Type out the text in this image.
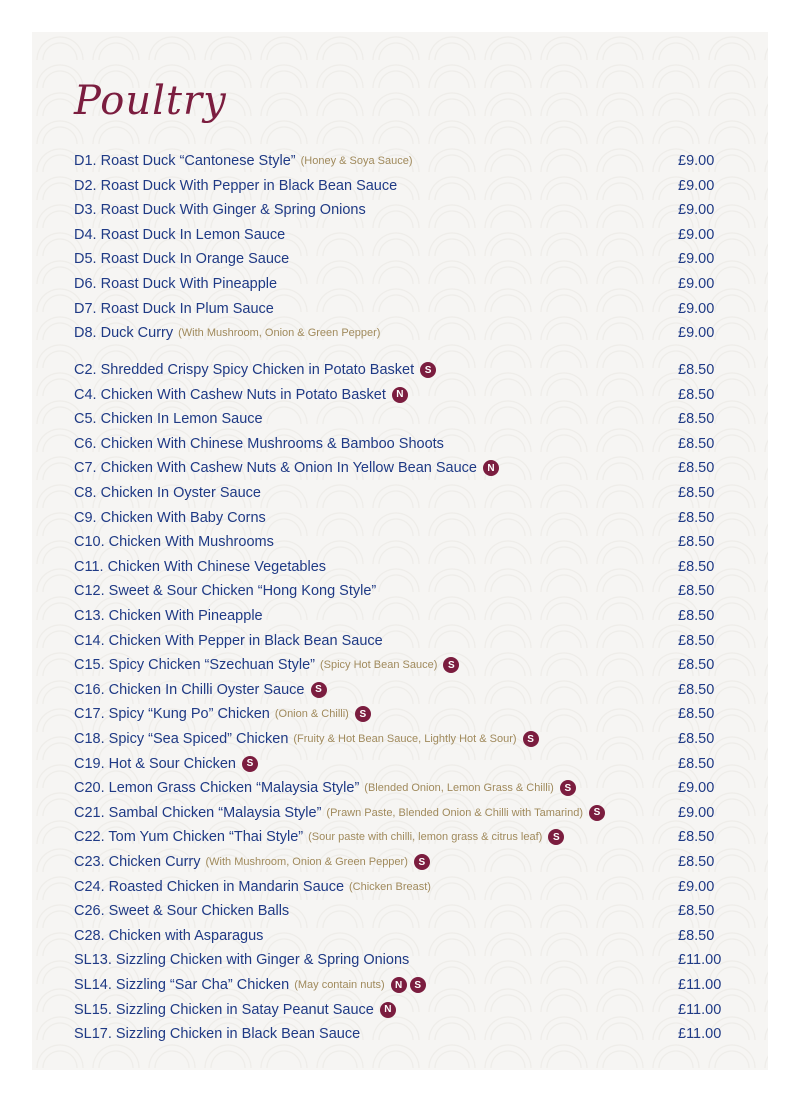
Poultry
D1. Roast Duck “Cantonese Style” (Honey & Soya Sauce)	£9.00
D2. Roast Duck With Pepper in Black Bean Sauce	£9.00
D3. Roast Duck With Ginger & Spring Onions	£9.00
D4. Roast Duck In Lemon Sauce	£9.00
D5. Roast Duck In Orange Sauce	£9.00
D6. Roast Duck With Pineapple	£9.00
D7. Roast Duck In Plum Sauce	£9.00
D8. Duck Curry (With Mushroom, Onion & Green Pepper)	£9.00
C2. Shredded Crispy Spicy Chicken in Potato Basket	S	£8.50
C4. Chicken With Cashew Nuts in Potato Basket	N	£8.50
C5. Chicken In Lemon Sauce	£8.50
C6. Chicken With Chinese Mushrooms & Bamboo Shoots	£8.50
C7. Chicken With Cashew Nuts & Onion In Yellow Bean Sauce	N	£8.50
C8. Chicken In Oyster Sauce	£8.50
C9. Chicken With Baby Corns	£8.50
C10. Chicken With Mushrooms	£8.50
C11. Chicken With Chinese Vegetables	£8.50
C12. Sweet & Sour Chicken “Hong Kong Style”	£8.50
C13. Chicken With Pineapple	£8.50
C14. Chicken With Pepper in Black Bean Sauce	£8.50
C15. Spicy Chicken “Szechuan Style” (Spicy Hot Bean Sauce)	S	£8.50
C16. Chicken In Chilli Oyster Sauce	S	£8.50
C17. Spicy “Kung Po” Chicken (Onion & Chilli)	S	£8.50
C18. Spicy “Sea Spiced” Chicken (Fruity & Hot Bean Sauce, Lightly Hot & Sour)	S	£8.50
C19. Hot & Sour Chicken	S	£8.50
C20. Lemon Grass Chicken “Malaysia Style” (Blended Onion, Lemon Grass & Chilli)	S	£9.00
C21. Sambal Chicken “Malaysia Style” (Prawn Paste, Blended Onion & Chilli with Tamarind)	S	£9.00
C22. Tom Yum Chicken “Thai Style” (Sour paste with chilli, lemon grass & citrus leaf)	S	£8.50
C23. Chicken Curry (With Mushroom, Onion & Green Pepper)	S	£8.50
C24. Roasted Chicken in Mandarin Sauce (Chicken Breast)	£9.00
C26. Sweet & Sour Chicken Balls	£8.50
C28. Chicken with Asparagus	£8.50
SL13. Sizzling Chicken with Ginger & Spring Onions	£11.00
SL14. Sizzling “Sar Cha” Chicken (May contain nuts)	N	S	£11.00
SL15. Sizzling Chicken in Satay Peanut Sauce	N	£11.00
SL17. Sizzling Chicken in Black Bean Sauce	£11.00
